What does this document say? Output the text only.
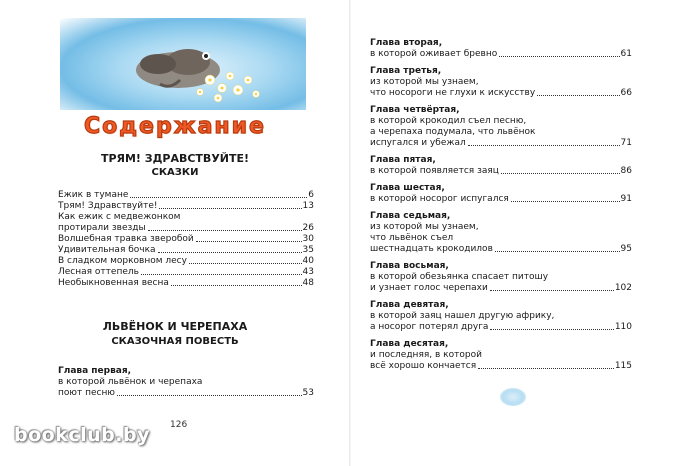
Содержание
ТРЯМ! ЗДРАВСТВУЙТЕ!
СКАЗКИ
Ежик в тумане	6
Трям! Здравствуйте!	13
Как ежик с медвежонком
протирали звезды	26
Волшебная травка зверобой	30
Удивительная бочка	35
В сладком морковном лесу	40
Лесная оттепель	43
Необыкновенная весна	48
ЛЬВЁНОК И ЧЕРЕПАХА
СКАЗОЧНАЯ ПОВЕСТЬ
Глава первая,
в которой львёнок и черепаха
поют песню	53
Глава вторая,
в которой оживает бревно	61
Глава третья,
из которой мы узнаем,
что носороги не глухи к искусству	66
Глава четвёртая,
в которой крокодил съел песню,
а черепаха подумала, что львёнок
испугался и убежал	71
Глава пятая,
в которой появляется заяц	86
Глава шестая,
в которой носорог испугался	91
Глава седьмая,
из которой мы узнаем,
что львёнок съел
шестнадцать крокодилов	95
Глава восьмая,
в которой обезьянка спасает питошу
и узнает голос черепахи	102
Глава девятая,
в которой заяц нашел другую африку,
а носорог потерял друга	110
Глава десятая,
и последняя, в которой
всё хорошо кончается	115
126
bookclub.by
